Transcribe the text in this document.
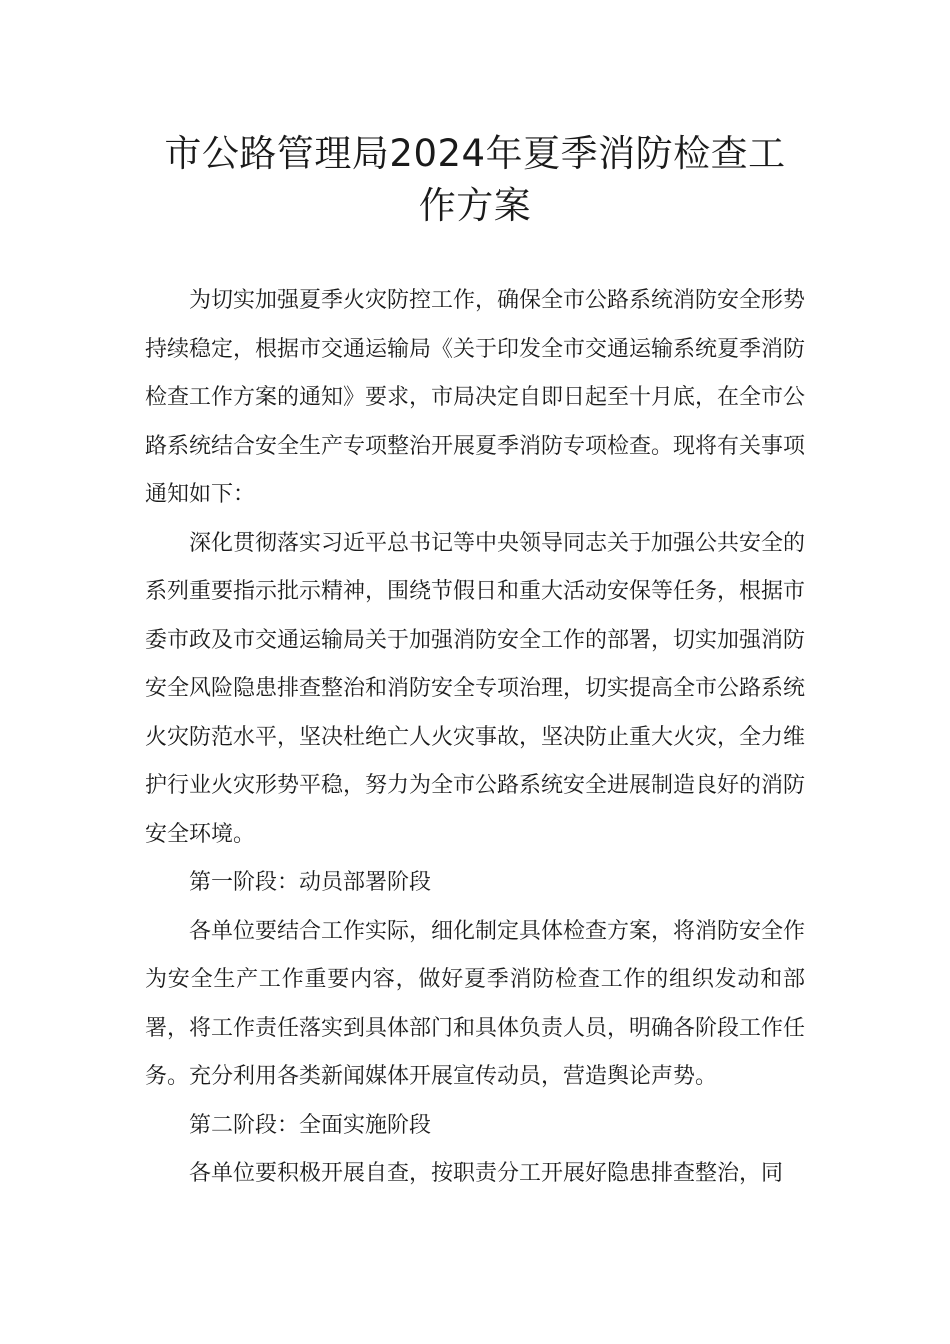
市公路管理局2024年夏季消防检查工
作方案

为切实加强夏季火灾防控工作，确保全市公路系统消防安全形势持续稳定，根据市交通运输局《关于印发全市交通运输系统夏季消防检查工作方案的通知》要求，市局决定自即日起至十月底，在全市公路系统结合安全生产专项整治开展夏季消防专项检查。现将有关事项通知如下：

深化贯彻落实习近平总书记等中央领导同志关于加强公共安全的系列重要指示批示精神，围绕节假日和重大活动安保等任务，根据市委市政及市交通运输局关于加强消防安全工作的部署，切实加强消防安全风险隐患排查整治和消防安全专项治理，切实提高全市公路系统火灾防范水平，坚决杜绝亡人火灾事故，坚决防止重大火灾，全力维护行业火灾形势平稳，努力为全市公路系统安全进展制造良好的消防安全环境。

第一阶段：动员部署阶段

各单位要结合工作实际，细化制定具体检查方案，将消防安全作为安全生产工作重要内容，做好夏季消防检查工作的组织发动和部署，将工作责任落实到具体部门和具体负责人员，明确各阶段工作任务。充分利用各类新闻媒体开展宣传动员，营造舆论声势。

第二阶段：全面实施阶段

各单位要积极开展自查，按职责分工开展好隐患排查整治，同
